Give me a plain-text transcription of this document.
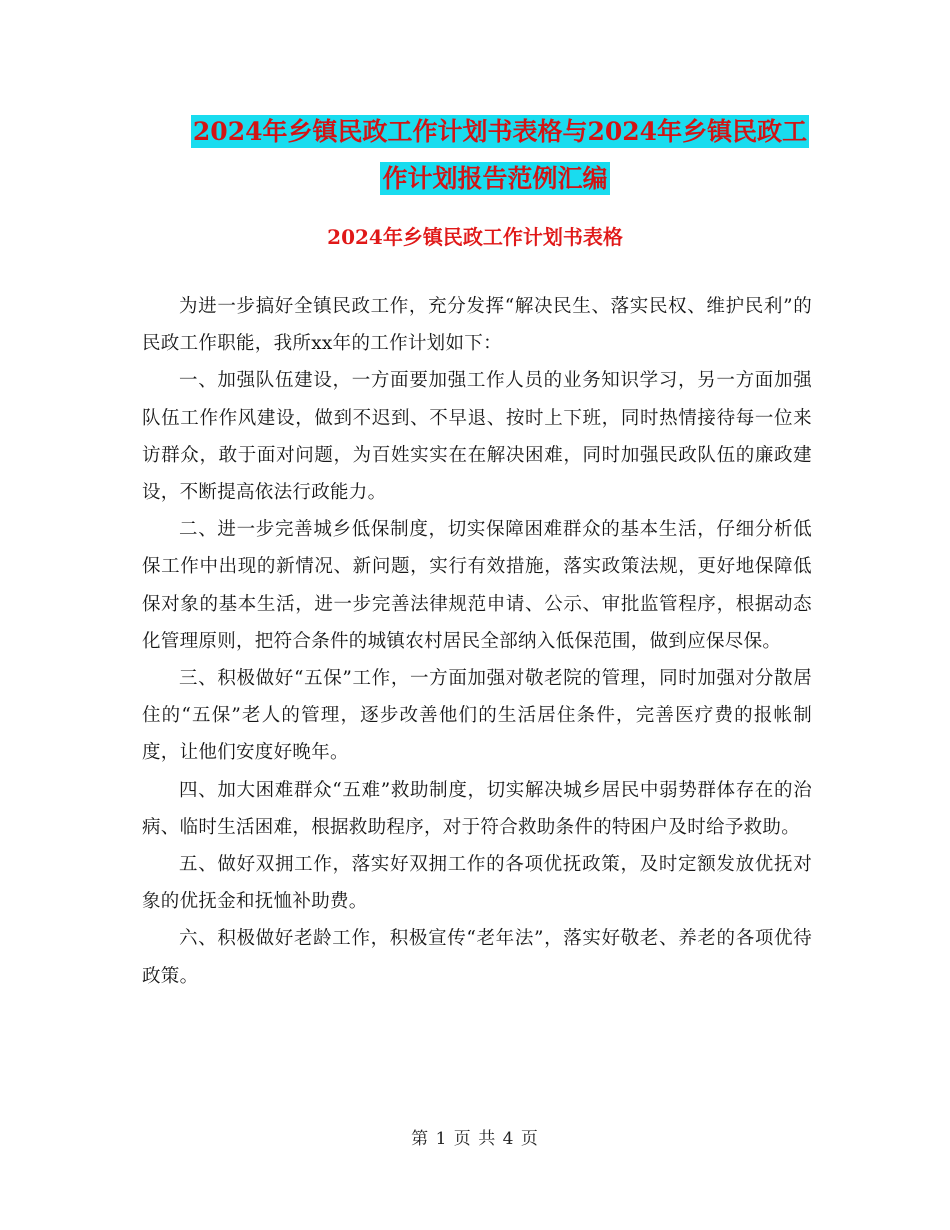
2024年乡镇民政工作计划书表格与2024年乡镇民政工
作计划报告范例汇编
2024年乡镇民政工作计划书表格

为进一步搞好全镇民政工作，充分发挥“解决民生、落实民权、维护民利”的民政工作职能，我所xx年的工作计划如下：

一、加强队伍建设，一方面要加强工作人员的业务知识学习，另一方面加强队伍工作作风建设，做到不迟到、不早退、按时上下班，同时热情接待每一位来访群众，敢于面对问题，为百姓实实在在解决困难，同时加强民政队伍的廉政建设，不断提高依法行政能力。

二、进一步完善城乡低保制度，切实保障困难群众的基本生活，仔细分析低保工作中出现的新情况、新问题，实行有效措施，落实政策法规，更好地保障低保对象的基本生活，进一步完善法律规范申请、公示、审批监管程序，根据动态化管理原则，把符合条件的城镇农村居民全部纳入低保范围，做到应保尽保。

三、积极做好“五保”工作，一方面加强对敬老院的管理，同时加强对分散居住的“五保”老人的管理，逐步改善他们的生活居住条件，完善医疗费的报帐制度，让他们安度好晚年。

四、加大困难群众“五难”救助制度，切实解决城乡居民中弱势群体存在的治病、临时生活困难，根据救助程序，对于符合救助条件的特困户及时给予救助。

五、做好双拥工作，落实好双拥工作的各项优抚政策，及时定额发放优抚对象的优抚金和抚恤补助费。

六、积极做好老龄工作，积极宣传“老年法”，落实好敬老、养老的各项优待政策。

第 1 页 共 4 页
